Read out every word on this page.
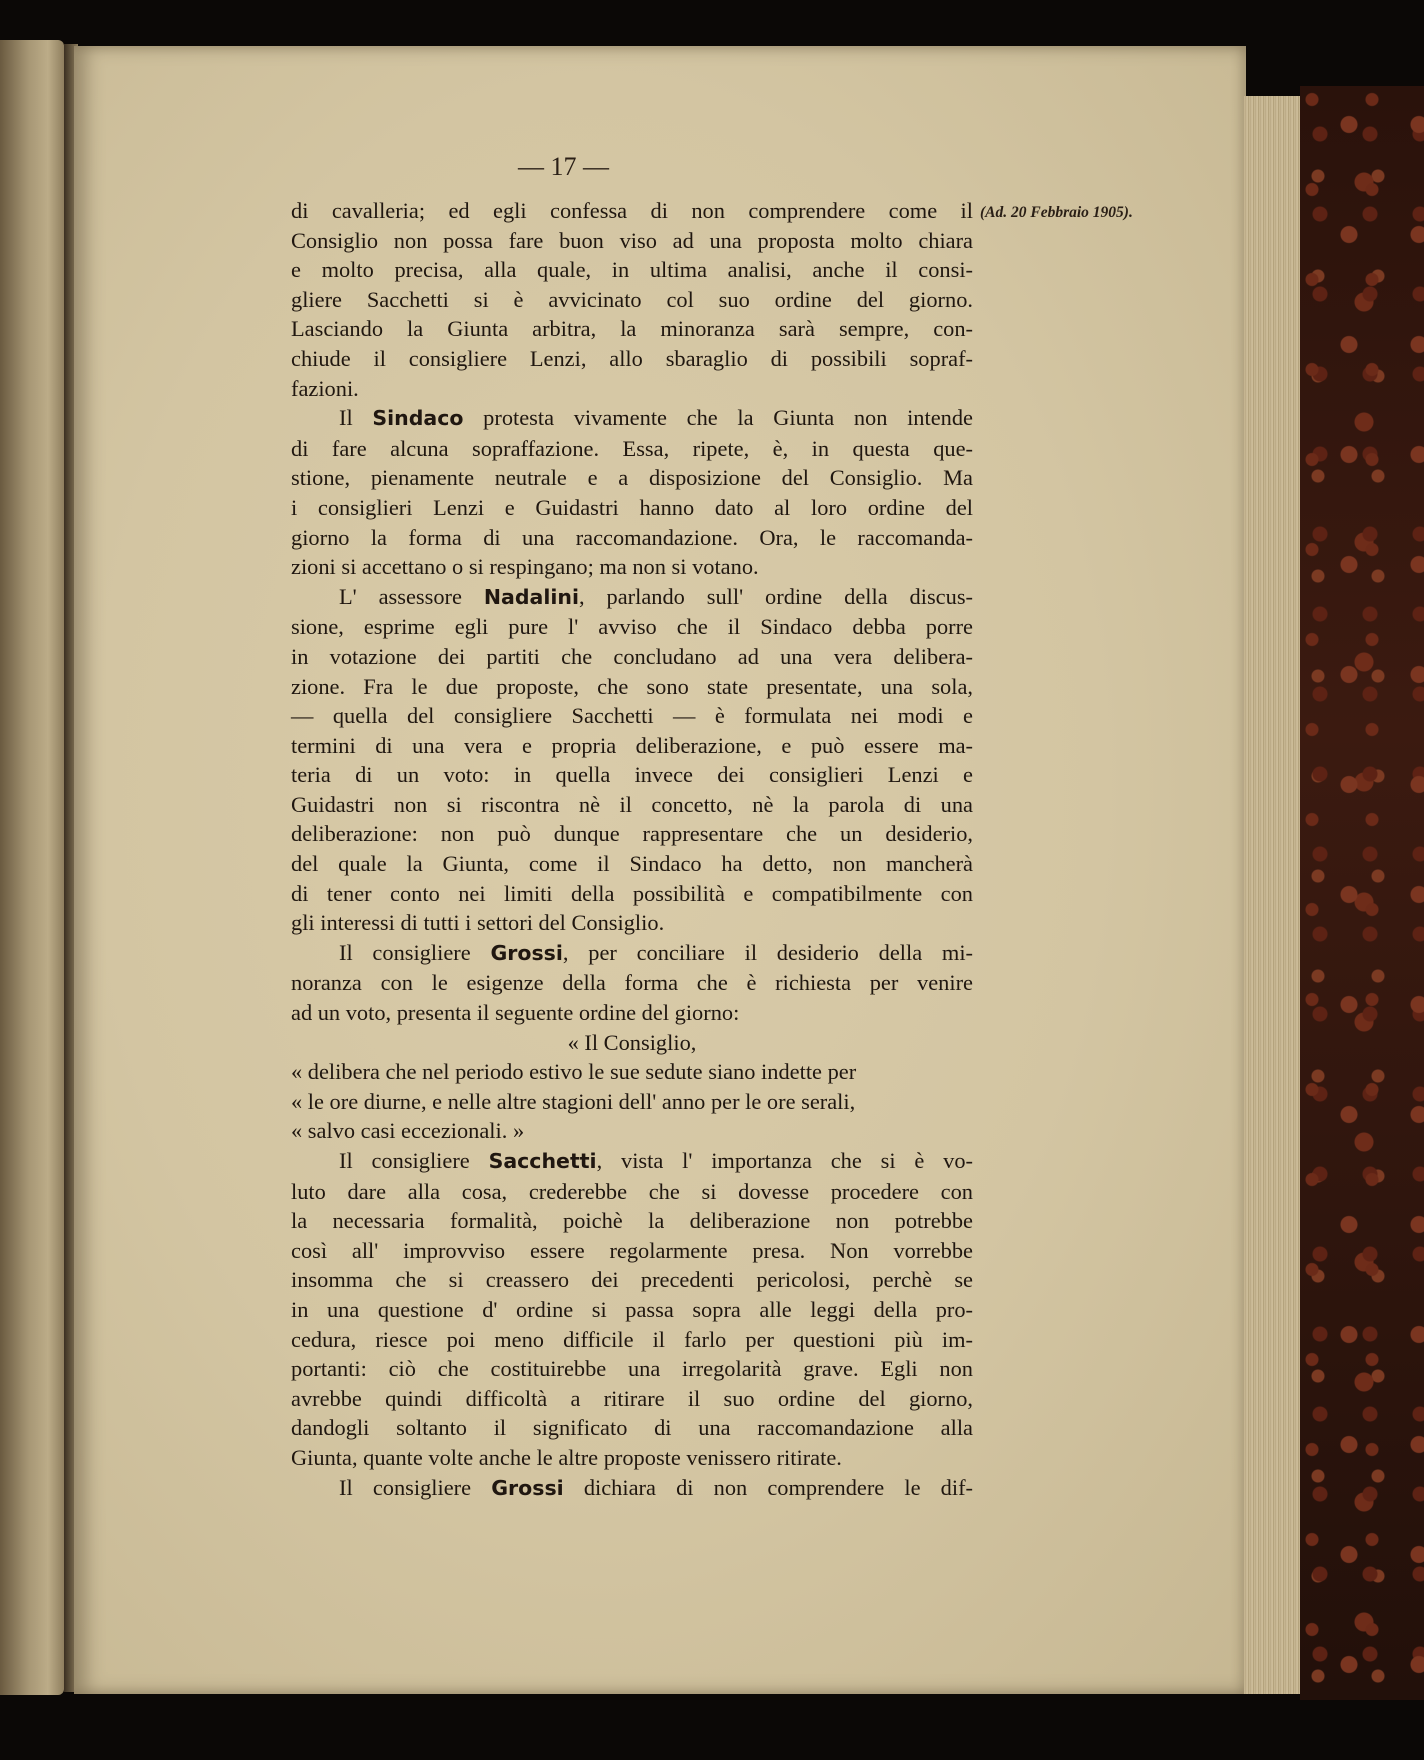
— 17 —
(Ad. 20 Febbraio 1905).

di cavalleria; ed egli confessa di non comprendere come il
Consiglio non possa fare buon viso ad una proposta molto chiara
e molto precisa, alla quale, in ultima analisi, anche il consi-
gliere Sacchetti si è avvicinato col suo ordine del giorno.
Lasciando la Giunta arbitra, la minoranza sarà sempre, con-
chiude il consigliere Lenzi, allo sbaraglio di possibili sopraf-
fazioni.

Il Sindaco protesta vivamente che la Giunta non intende
di fare alcuna sopraffazione. Essa, ripete, è, in questa que-
stione, pienamente neutrale e a disposizione del Consiglio. Ma
i consiglieri Lenzi e Guidastri hanno dato al loro ordine del
giorno la forma di una raccomandazione. Ora, le raccomanda-
zioni si accettano o si respingano; ma non si votano.

L' assessore Nadalini, parlando sull' ordine della discus-
sione, esprime egli pure l' avviso che il Sindaco debba porre
in votazione dei partiti che concludano ad una vera delibera-
zione. Fra le due proposte, che sono state presentate, una sola,
— quella del consigliere Sacchetti — è formulata nei modi e
termini di una vera e propria deliberazione, e può essere ma-
teria di un voto: in quella invece dei consiglieri Lenzi e
Guidastri non si riscontra nè il concetto, nè la parola di una
deliberazione: non può dunque rappresentare che un desiderio,
del quale la Giunta, come il Sindaco ha detto, non mancherà
di tener conto nei limiti della possibilità e compatibilmente con
gli interessi di tutti i settori del Consiglio.

Il consigliere Grossi, per conciliare il desiderio della mi-
noranza con le esigenze della forma che è richiesta per venire
ad un voto, presenta il seguente ordine del giorno:

« Il Consiglio,

« delibera che nel periodo estivo le sue sedute siano indette per
« le ore diurne, e nelle altre stagioni dell' anno per le ore serali,
« salvo casi eccezionali. »

Il consigliere Sacchetti, vista l' importanza che si è vo-
luto dare alla cosa, crederebbe che si dovesse procedere con
la necessaria formalità, poichè la deliberazione non potrebbe
così all' improvviso essere regolarmente presa. Non vorrebbe
insomma che si creassero dei precedenti pericolosi, perchè se
in una questione d' ordine si passa sopra alle leggi della pro-
cedura, riesce poi meno difficile il farlo per questioni più im-
portanti: ciò che costituirebbe una irregolarità grave. Egli non
avrebbe quindi difficoltà a ritirare il suo ordine del giorno,
dandogli soltanto il significato di una raccomandazione alla
Giunta, quante volte anche le altre proposte venissero ritirate.

Il consigliere Grossi dichiara di non comprendere le dif-
